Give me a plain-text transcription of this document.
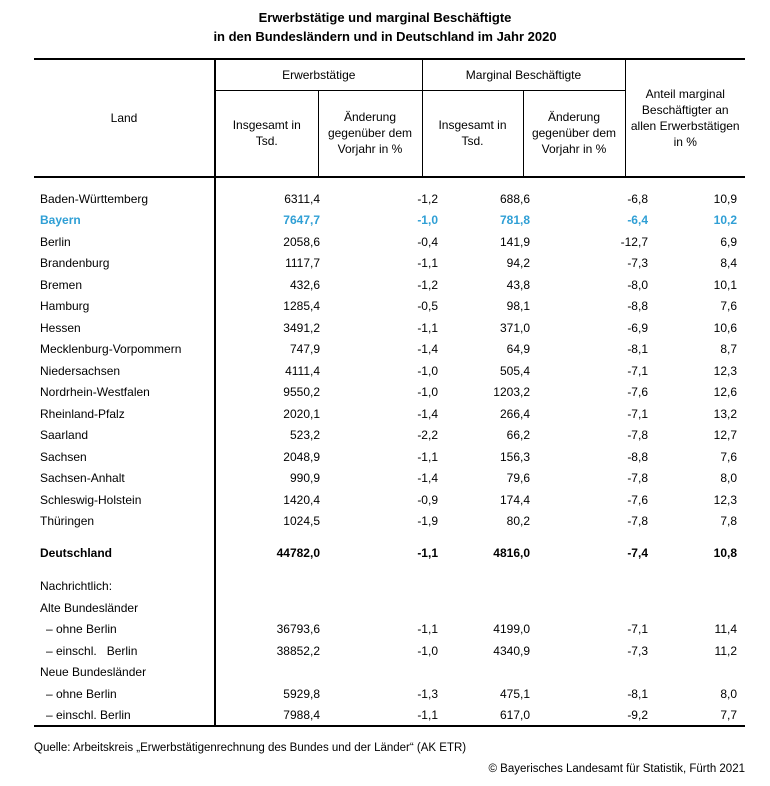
Erwerbstätige und marginal Beschäftigte
in den Bundesländern und in Deutschland im Jahr 2020
Land	Erwerbstätige		Marginal Beschäftigte		Anteil marginal Beschäftigter an allen Erwerbstätigen in %
	Insgesamt in Tsd.	Änderung gegenüber dem Vorjahr in %	Insgesamt in Tsd.	Änderung gegenüber dem Vorjahr in %	

Baden-Württemberg	6311,4	-1,2	688,6	-6,8	10,9
Bayern	7647,7	-1,0	781,8	-6,4	10,2
Berlin	2058,6	-0,4	141,9	-12,7	6,9
Brandenburg	1117,7	-1,1	94,2	-7,3	8,4
Bremen	432,6	-1,2	43,8	-8,0	10,1
Hamburg	1285,4	-0,5	98,1	-8,8	7,6
Hessen	3491,2	-1,1	371,0	-6,9	10,6
Mecklenburg-Vorpommern	747,9	-1,4	64,9	-8,1	8,7
Niedersachsen	4111,4	-1,0	505,4	-7,1	12,3
Nordrhein-Westfalen	9550,2	-1,0	1203,2	-7,6	12,6
Rheinland-Pfalz	2020,1	-1,4	266,4	-7,1	13,2
Saarland	523,2	-2,2	66,2	-7,8	12,7
Sachsen	2048,9	-1,1	156,3	-8,8	7,6
Sachsen-Anhalt	990,9	-1,4	79,6	-7,8	8,0
Schleswig-Holstein	1420,4	-0,9	174,4	-7,6	12,3
Thüringen	1024,5	-1,9	80,2	-7,8	7,8

Deutschland	44782,0	-1,1	4816,0	-7,4	10,8

Nachrichtlich:					
Alte Bundesländer					
– ohne Berlin	36793,6	-1,1	4199,0	-7,1	11,4
– einschl.   Berlin	38852,2	-1,0	4340,9	-7,3	11,2
Neue Bundesländer					
– ohne Berlin	5929,8	-1,3	475,1	-8,1	8,0
– einschl. Berlin	7988,4	-1,1	617,0	-9,2	7,7
Quelle: Arbeitskreis „Erwerbstätigenrechnung des Bundes und der Länder“ (AK ETR)
© Bayerisches Landesamt für Statistik, Fürth 2021
